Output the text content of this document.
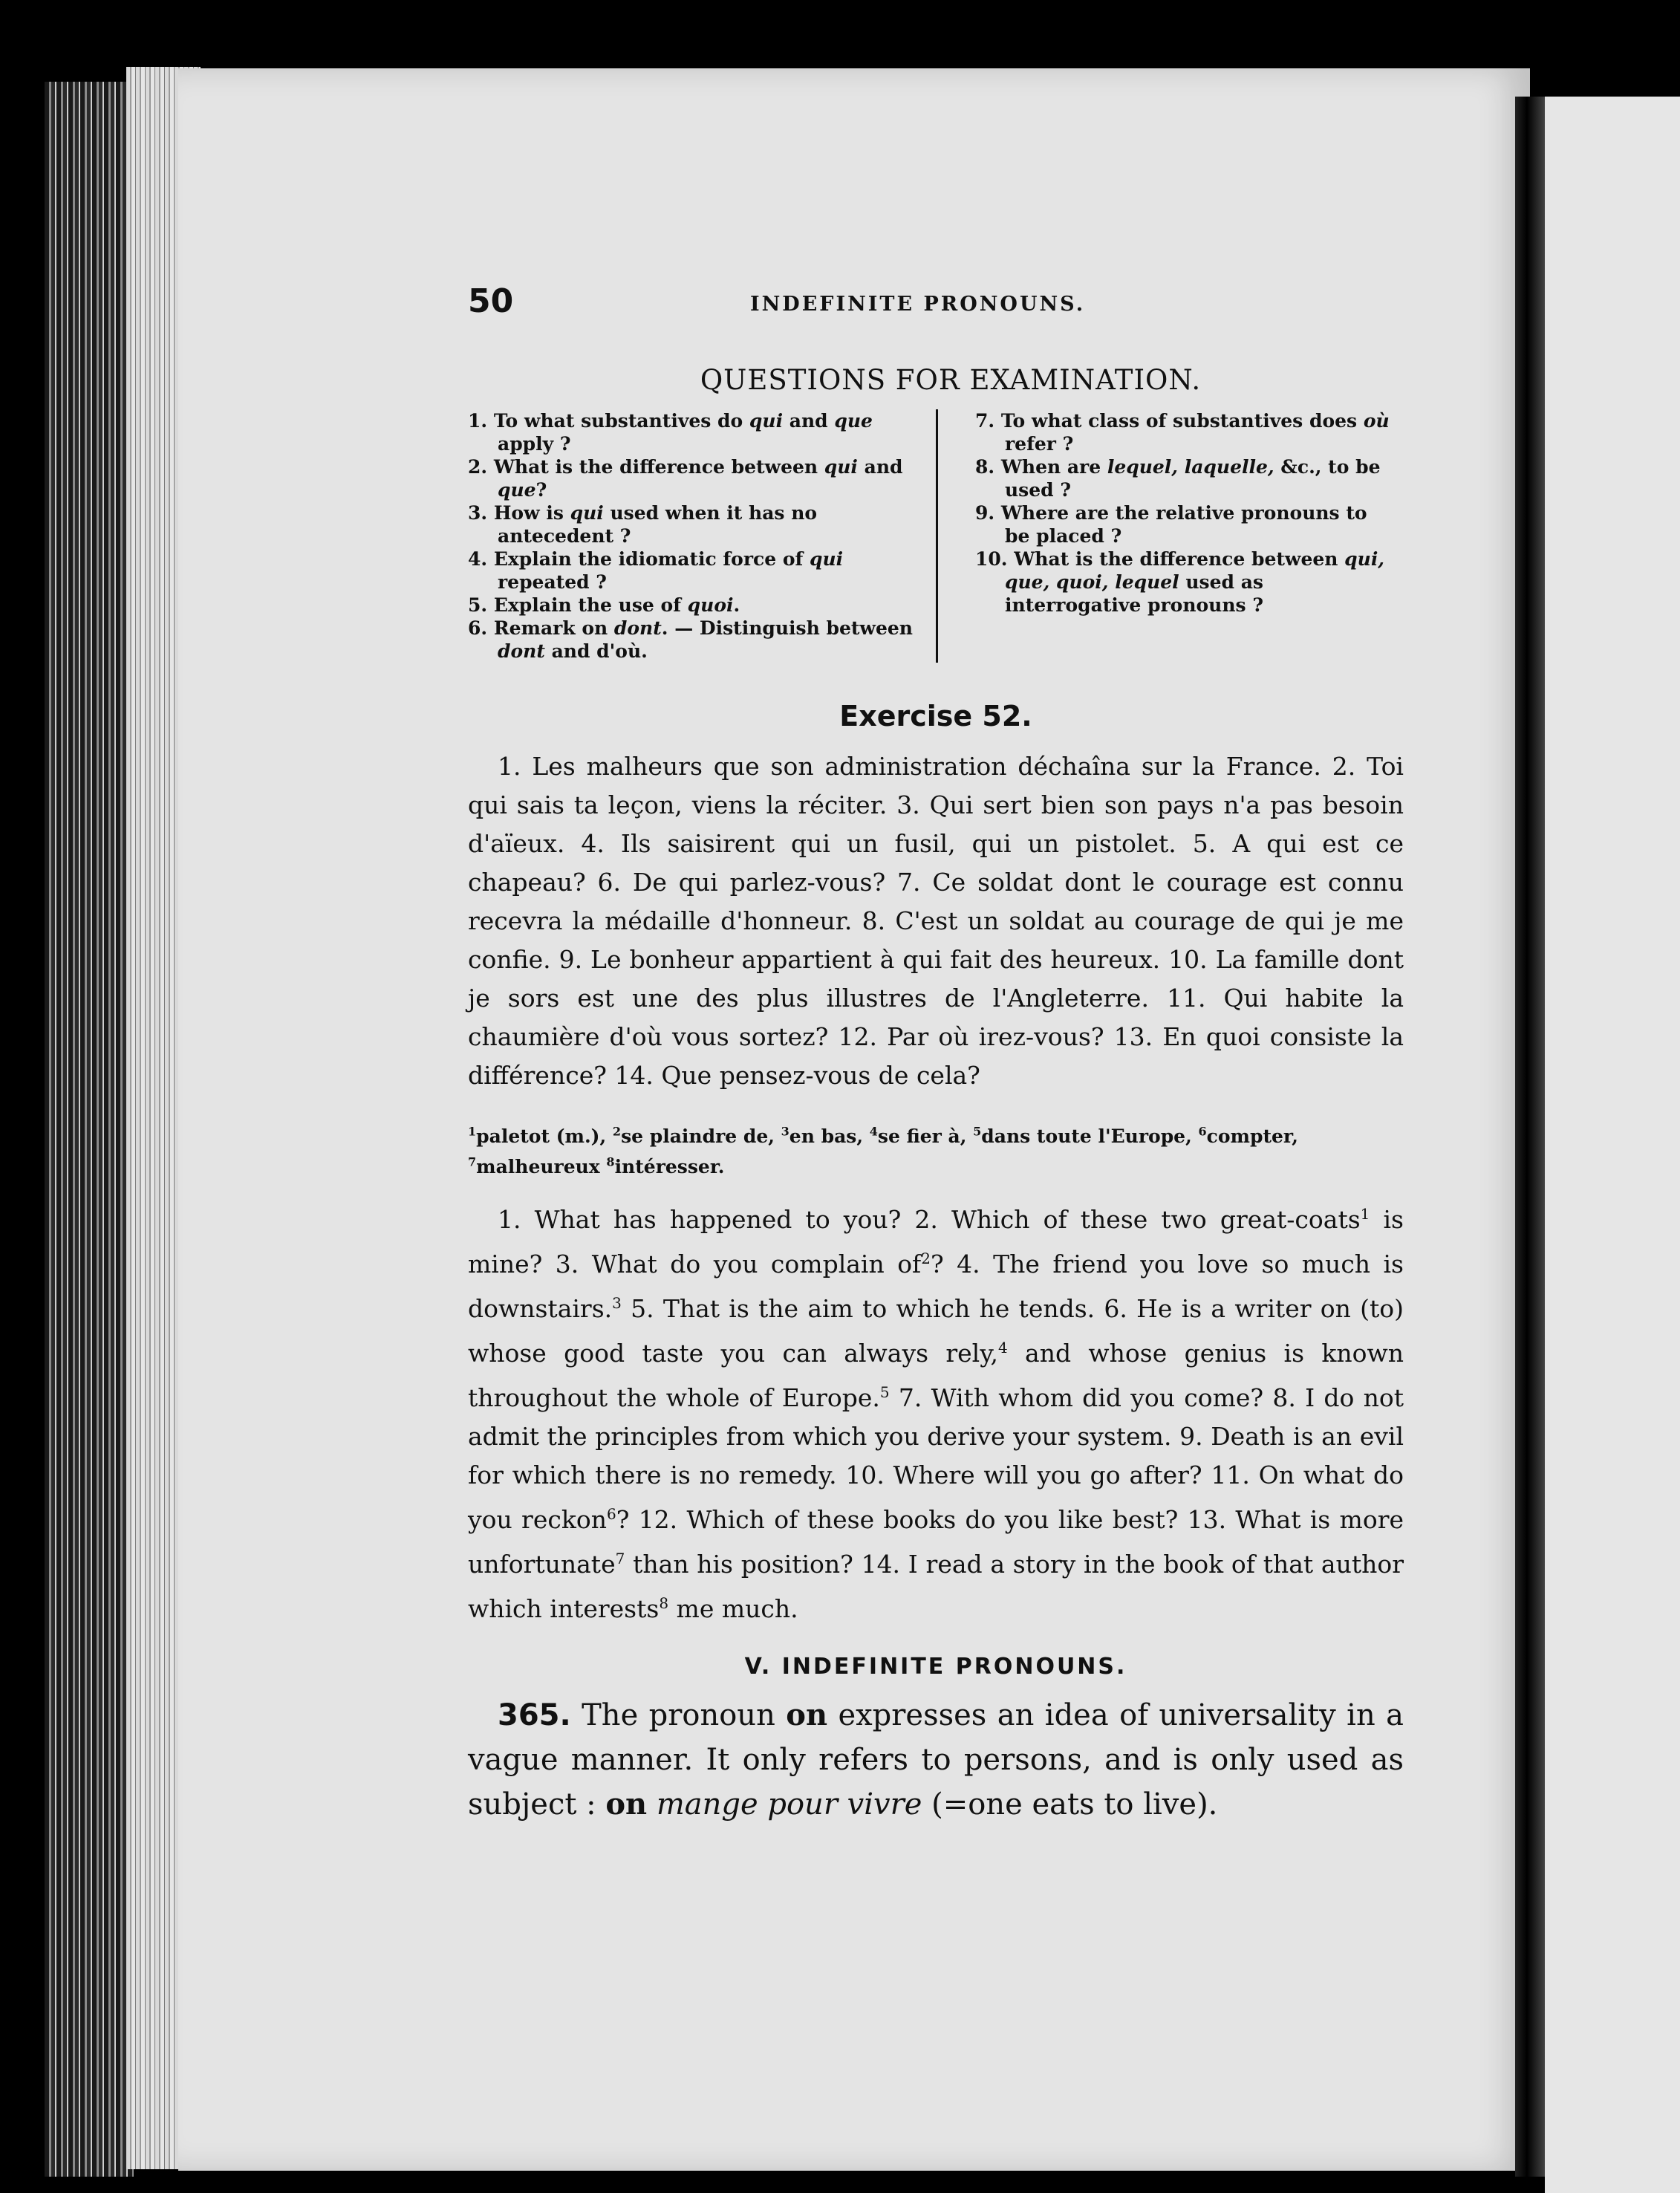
50	INDEFINITE PRONOUNS.
QUESTIONS FOR EXAMINATION.
1. To what substantives do qui and que apply ?
2. What is the difference between qui and que?
3. How is qui used when it has no antecedent ?
4. Explain the idiomatic force of qui repeated ?
5. Explain the use of quoi.
6. Remark on dont. — Distinguish between dont and d'où.
7. To what class of substantives does où refer ?
8. When are lequel, laquelle, &c., to be used ?
9. Where are the relative pronouns to be placed ?
10. What is the difference between qui, que, quoi, lequel used as interrogative pronouns ?
Exercise 52.

1. Les malheurs que son administration déchaîna sur la France. 2. Toi qui sais ta leçon, viens la réciter. 3. Qui sert bien son pays n'a pas besoin d'aïeux. 4. Ils saisirent qui un fusil, qui un pistolet. 5. A qui est ce chapeau? 6. De qui parlez-vous? 7. Ce soldat dont le courage est connu recevra la médaille d'honneur. 8. C'est un soldat au courage de qui je me confie. 9. Le bonheur appartient à qui fait des heureux. 10. La famille dont je sors est une des plus illustres de l'Angleterre. 11. Qui habite la chaumière d'où vous sortez? 12. Par où irez-vous? 13. En quoi consiste la différence? 14. Que pensez-vous de cela?

$^1$paletot (m.), $^2$se plaindre de, $^3$en bas, $^4$se fier à, $^5$dans toute l'Europe, $^6$compter, $^7$malheureux $^8$intéresser.

1. What has happened to you? 2. Which of these two great-coats$^1$ is mine? 3. What do you complain $of^2$? 4. The friend you love so much is downstairs.$^3$ 5. That is the aim to which he tends. 6. He is a writer on (to) whose good taste you can always rely,$^4$ and whose genius is known throughout the whole of Europe.$^5$ 7. With whom did you come? 8. I do not admit the principles from which you derive your system. 9. Death is an evil for which there is no remedy. 10. Where will you go after? 11. On what do you reckon$^6$? 12. Which of these books do you like best? 13. What is more unfortunate$^7$ than his position? 14. I read a story in the book of that author which interests$^8$ me much.

V. INDEFINITE PRONOUNS.

365. The pronoun on expresses an idea of universality in a vague manner. It only refers to persons, and is only used as subject : on mange pour vivre (=one eats to live).
